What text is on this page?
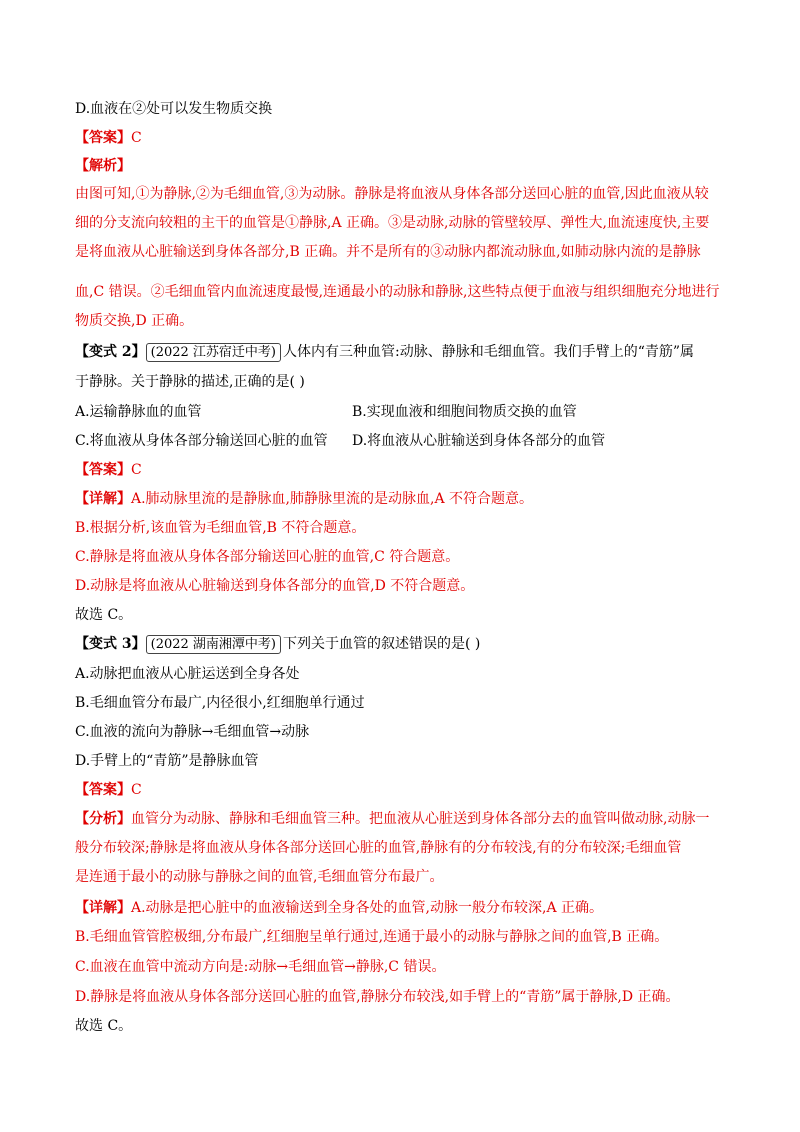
D.血液在②处可以发生物质交换
【答案】C
【解析】
由图可知,①为静脉,②为毛细血管,③为动脉。静脉是将血液从身体各部分送回心脏的血管,因此血液从较
细的分支流向较粗的主干的血管是①静脉,A 正确。③是动脉,动脉的管壁较厚、弹性大,血流速度快,主要
是将血液从心脏输送到身体各部分,B 正确。并不是所有的③动脉内都流动脉血,如肺动脉内流的是静脉
血,C 错误。②毛细血管内血流速度最慢,连通最小的动脉和静脉,这些特点便于血液与组织细胞充分地进行
物质交换,D 正确。
【变式 2】 (2022 江苏宿迁中考) 人体内有三种血管:动脉、静脉和毛细血管。我们手臂上的“青筋”属
于静脉。关于静脉的描述,正确的是( )
A.运输静脉血的血管	B.实现血液和细胞间物质交换的血管
C.将血液从身体各部分输送回心脏的血管 D.将血液从心脏输送到身体各部分的血管
【答案】C
【详解】A.肺动脉里流的是静脉血,肺静脉里流的是动脉血,A 不符合题意。
B.根据分析,该血管为毛细血管,B 不符合题意。
C.静脉是将血液从身体各部分输送回心脏的血管,C 符合题意。
D.动脉是将血液从心脏输送到身体各部分的血管,D 不符合题意。
故选 C。
【变式 3】 (2022 湖南湘潭中考) 下列关于血管的叙述错误的是( )
A.动脉把血液从心脏运送到全身各处
B.毛细血管分布最广,内径很小,红细胞单行通过
C.血液的流向为静脉→毛细血管→动脉
D.手臂上的“青筋”是静脉血管
【答案】C
【分析】血管分为动脉、静脉和毛细血管三种。把血液从心脏送到身体各部分去的血管叫做动脉,动脉一
般分布较深;静脉是将血液从身体各部分送回心脏的血管,静脉有的分布较浅,有的分布较深;毛细血管
是连通于最小的动脉与静脉之间的血管,毛细血管分布最广。
【详解】A.动脉是把心脏中的血液输送到全身各处的血管,动脉一般分布较深,A 正确。
B.毛细血管管腔极细,分布最广,红细胞呈单行通过,连通于最小的动脉与静脉之间的血管,B 正确。
C.血液在血管中流动方向是:动脉→毛细血管→静脉,C 错误。
D.静脉是将血液从身体各部分送回心脏的血管,静脉分布较浅,如手臂上的“青筋”属于静脉,D 正确。
故选 C。
